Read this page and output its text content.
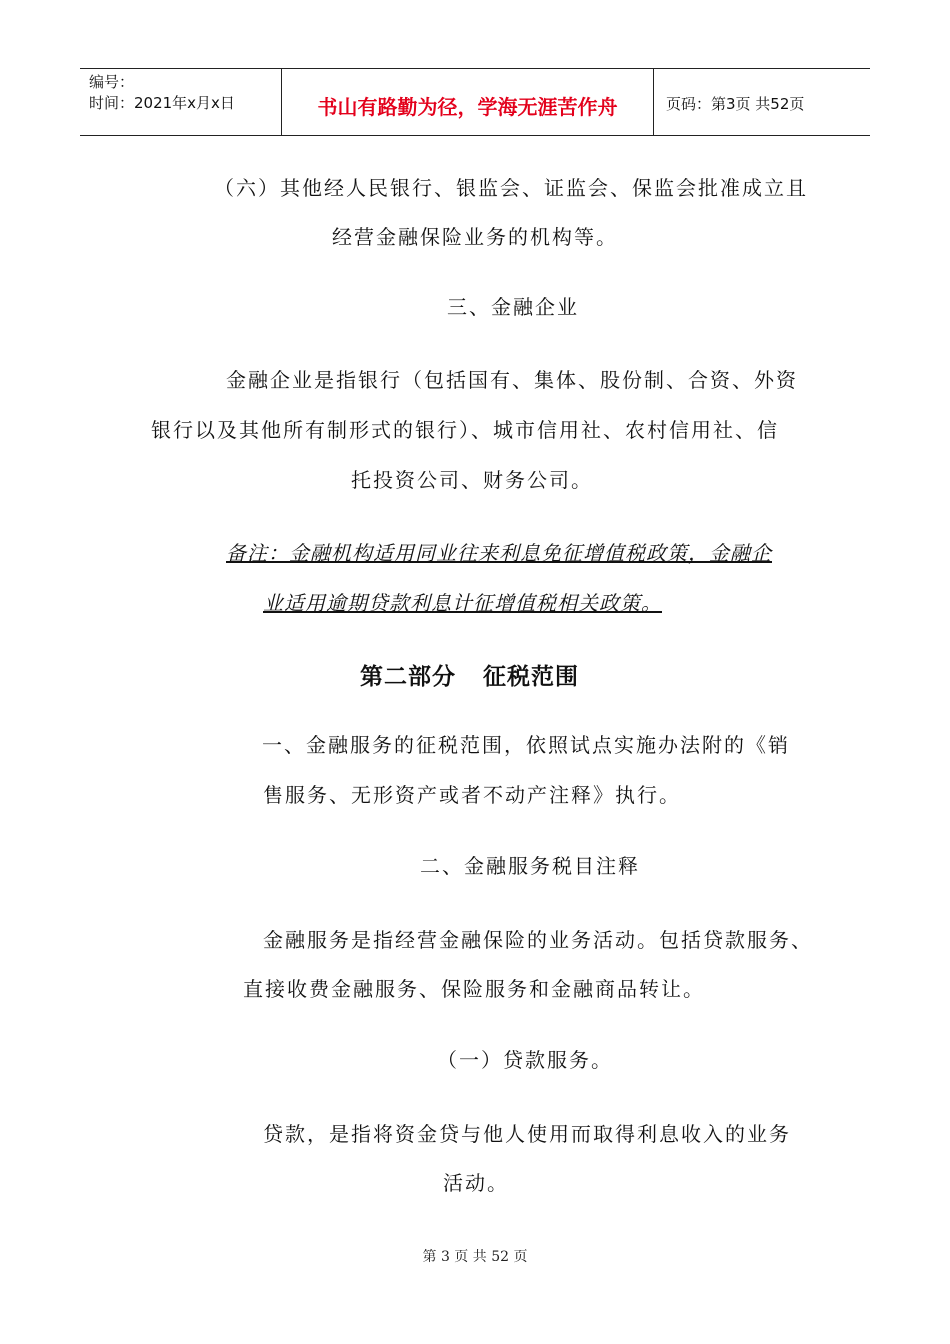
编号：
时间：2021年x月x日	书山有路勤为径，学海无涯苦作舟	页码：第3页 共52页
（六）其他经人民银行、银监会、证监会、保监会批准成立且
经营金融保险业务的机构等。
三、金融企业
金融企业是指银行（包括国有、集体、股份制、合资、外资
银行以及其他所有制形式的银行）、城市信用社、农村信用社、信
托投资公司、财务公司。
备注：金融机构适用同业往来利息免征增值税政策，金融企
业适用逾期贷款利息计征增值税相关政策。
第二部分   征税范围
一、金融服务的征税范围，依照试点实施办法附的《销
售服务、无形资产或者不动产注释》执行。
二、金融服务税目注释
金融服务是指经营金融保险的业务活动。包括贷款服务、
直接收费金融服务、保险服务和金融商品转让。
（一）贷款服务。
贷款，是指将资金贷与他人使用而取得利息收入的业务
活动。
第 3 页 共 52 页
